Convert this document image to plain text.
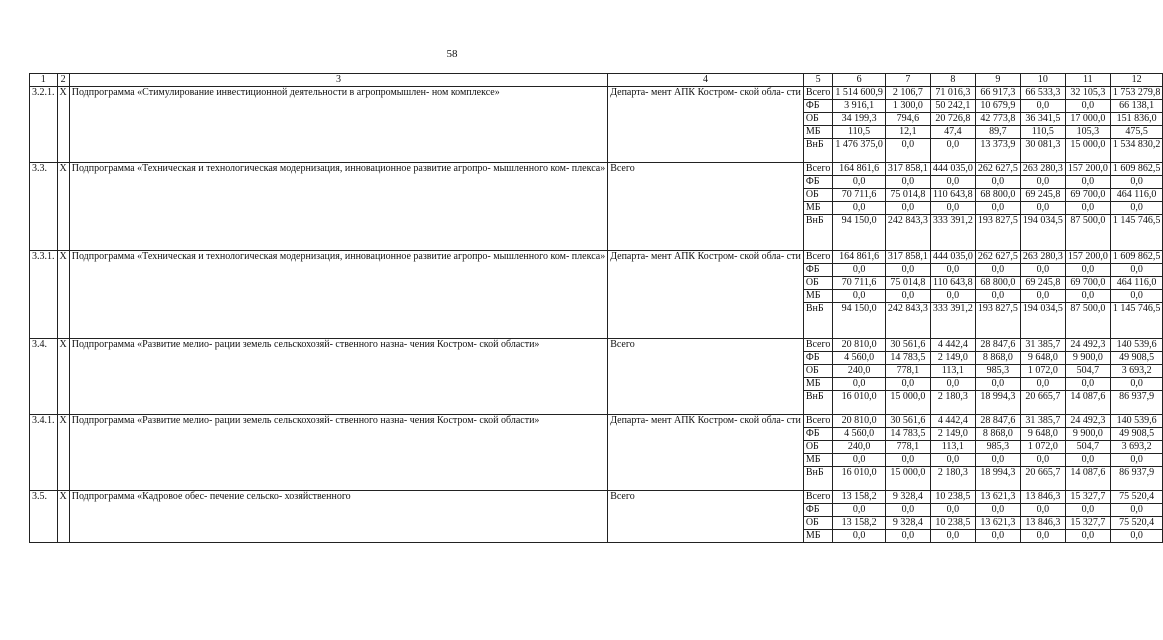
58
1	2	3	4	5	6	7	8	9	10	11	12
3.2.1.	X	Подпрограмма «Стимулирование инвестиционной деятельности в агропромышлен- ном комплексе»	Департа- мент АПК Костром- ской обла- сти	Всего	1 514 600,9	2 106,7	71 016,3	66 917,3	66 533,3	32 105,3	1 753 279,8
				ФБ	3 916,1	1 300,0	50 242,1	10 679,9	0,0	0,0	66 138,1
				ОБ	34 199,3	794,6	20 726,8	42 773,8	36 341,5	17 000,0	151 836,0
				МБ	110,5	12,1	47,4	89,7	110,5	105,3	475,5
				ВнБ	1 476 375,0	0,0	0,0	13 373,9	30 081,3	15 000,0	1 534 830,2
3.3.	X	Подпрограмма «Техническая и технологическая модернизация, инновационное развитие агропро- мышленного ком- плекса»	Всего	Всего	164 861,6	317 858,1	444 035,0	262 627,5	263 280,3	157 200,0	1 609 862,5
				ФБ	0,0	0,0	0,0	0,0	0,0	0,0	0,0
				ОБ	70 711,6	75 014,8	110 643,8	68 800,0	69 245,8	69 700,0	464 116,0
				МБ	0,0	0,0	0,0	0,0	0,0	0,0	0,0
				ВнБ	94 150,0	242 843,3	333 391,2	193 827,5	194 034,5	87 500,0	1 145 746,5
3.3.1.	X	Подпрограмма «Техническая и технологическая модернизация, инновационное развитие агропро- мышленного ком- плекса»	Департа- мент АПК Костром- ской обла- сти	Всего	164 861,6	317 858,1	444 035,0	262 627,5	263 280,3	157 200,0	1 609 862,5
				ФБ	0,0	0,0	0,0	0,0	0,0	0,0	0,0
				ОБ	70 711,6	75 014,8	110 643,8	68 800,0	69 245,8	69 700,0	464 116,0
				МБ	0,0	0,0	0,0	0,0	0,0	0,0	0,0
				ВнБ	94 150,0	242 843,3	333 391,2	193 827,5	194 034,5	87 500,0	1 145 746,5
3.4.	X	Подпрограмма «Развитие мелио- рации земель сельскохозяй- ственного назна- чения Костром- ской области»	Всего	Всего	20 810,0	30 561,6	4 442,4	28 847,6	31 385,7	24 492,3	140 539,6
				ФБ	4 560,0	14 783,5	2 149,0	8 868,0	9 648,0	9 900,0	49 908,5
				ОБ	240,0	778,1	113,1	985,3	1 072,0	504,7	3 693,2
				МБ	0,0	0,0	0,0	0,0	0,0	0,0	0,0
				ВнБ	16 010,0	15 000,0	2 180,3	18 994,3	20 665,7	14 087,6	86 937,9
3.4.1.	X	Подпрограмма «Развитие мелио- рации земель сельскохозяй- ственного назна- чения Костром- ской области»	Департа- мент АПК Костром- ской обла- сти	Всего	20 810,0	30 561,6	4 442,4	28 847,6	31 385,7	24 492,3	140 539,6
				ФБ	4 560,0	14 783,5	2 149,0	8 868,0	9 648,0	9 900,0	49 908,5
				ОБ	240,0	778,1	113,1	985,3	1 072,0	504,7	3 693,2
				МБ	0,0	0,0	0,0	0,0	0,0	0,0	0,0
				ВнБ	16 010,0	15 000,0	2 180,3	18 994,3	20 665,7	14 087,6	86 937,9
3.5.	X	Подпрограмма «Кадровое обес- печение сельско- хозяйственного	Всего	Всего	13 158,2	9 328,4	10 238,5	13 621,3	13 846,3	15 327,7	75 520,4
				ФБ	0,0	0,0	0,0	0,0	0,0	0,0	0,0
				ОБ	13 158,2	9 328,4	10 238,5	13 621,3	13 846,3	15 327,7	75 520,4
				МБ	0,0	0,0	0,0	0,0	0,0	0,0	0,0
